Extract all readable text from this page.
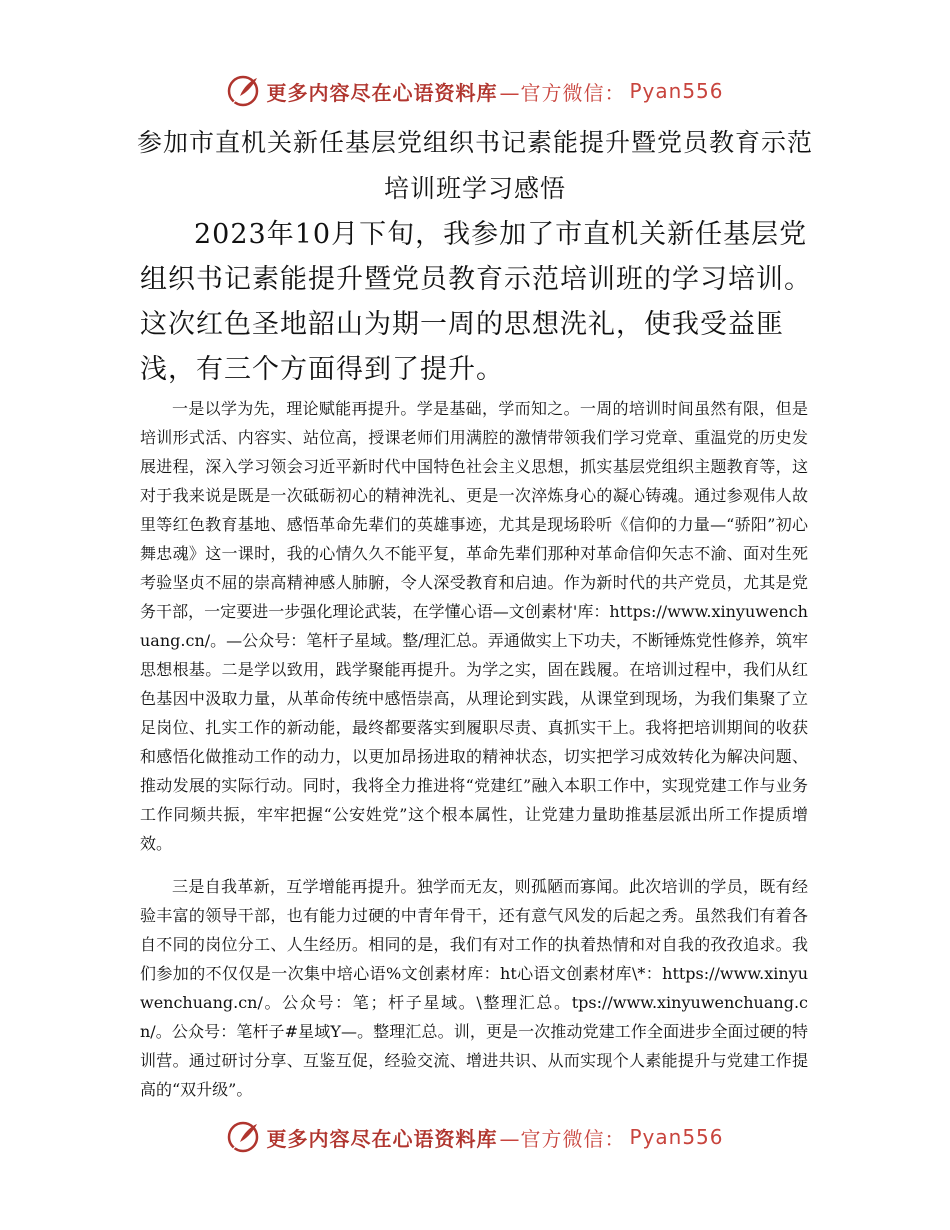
更多内容尽在心语资料库 —官方微信： Pyan556
参加市直机关新任基层党组织书记素能提升暨党员教育示范培训班学习感悟

2023年10月下旬，我参加了市直机关新任基层党组织书记素能提升暨党员教育示范培训班的学习培训。这次红色圣地韶山为期一周的思想洗礼，使我受益匪浅，有三个方面得到了提升。

一是以学为先，理论赋能再提升。学是基础，学而知之。一周的培训时间虽然有限，但是培训形式活、内容实、站位高，授课老师们用满腔的激情带领我们学习党章、重温党的历史发展进程，深入学习领会习近平新时代中国特色社会主义思想，抓实基层党组织主题教育等，这对于我来说是既是一次砥砺初心的精神洗礼、更是一次淬炼身心的凝心铸魂。通过参观伟人故里等红色教育基地、感悟革命先辈们的英雄事迹，尤其是现场聆听《信仰的力量—“骄阳”初心舞忠魂》这一课时，我的心情久久不能平复，革命先辈们那种对革命信仰矢志不渝、面对生死考验坚贞不屈的崇高精神感人肺腑，令人深受教育和启迪。作为新时代的共产党员，尤其是党务干部，一定要进一步强化理论武装，在学懂心语—文创素材'库：https://www.xinyuwenchuang.cn/。—公众号：笔杆子星域。整/理汇总。弄通做实上下功夫，不断锤炼党性修养，筑牢思想根基。二是学以致用，践学聚能再提升。为学之实，固在践履。在培训过程中，我们从红色基因中汲取力量，从革命传统中感悟崇高，从理论到实践，从课堂到现场，为我们集聚了立足岗位、扎实工作的新动能，最终都要落实到履职尽责、真抓实干上。我将把培训期间的收获和感悟化做推动工作的动力，以更加昂扬进取的精神状态，切实把学习成效转化为解决问题、推动发展的实际行动。同时，我将全力推进将“党建红”融入本职工作中，实现党建工作与业务工作同频共振，牢牢把握“公安姓党”这个根本属性，让党建力量助推基层派出所工作提质增效。

三是自我革新，互学增能再提升。独学而无友，则孤陋而寡闻。此次培训的学员，既有经验丰富的领导干部，也有能力过硬的中青年骨干，还有意气风发的后起之秀。虽然我们有着各自不同的岗位分工、人生经历。相同的是，我们有对工作的执着热情和对自我的孜孜追求。我们参加的不仅仅是一次集中培心语%文创素材库：ht心语文创素材库\*：https://www.xinyuwenchuang.cn/。公众号：笔；杆子星域。\整理汇总。tps://www.xinyuwenchuang.cn/。公众号：笔杆子#星域Y—。整理汇总。训，更是一次推动党建工作全面进步全面过硬的特训营。通过研讨分享、互鉴互促，经验交流、增进共识、从而实现个人素能提升与党建工作提高的“双升级”。

更多内容尽在心语资料库 —官方微信： Pyan556
